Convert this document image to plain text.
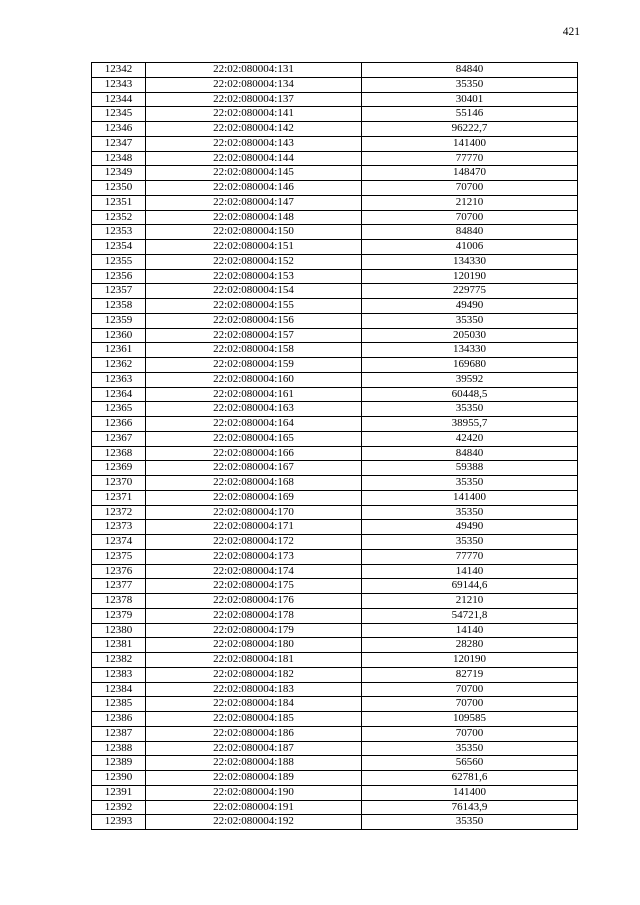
421
12342	22:02:080004:131	84840
12343	22:02:080004:134	35350
12344	22:02:080004:137	30401
12345	22:02:080004:141	55146
12346	22:02:080004:142	96222,7
12347	22:02:080004:143	141400
12348	22:02:080004:144	77770
12349	22:02:080004:145	148470
12350	22:02:080004:146	70700
12351	22:02:080004:147	21210
12352	22:02:080004:148	70700
12353	22:02:080004:150	84840
12354	22:02:080004:151	41006
12355	22:02:080004:152	134330
12356	22:02:080004:153	120190
12357	22:02:080004:154	229775
12358	22:02:080004:155	49490
12359	22:02:080004:156	35350
12360	22:02:080004:157	205030
12361	22:02:080004:158	134330
12362	22:02:080004:159	169680
12363	22:02:080004:160	39592
12364	22:02:080004:161	60448,5
12365	22:02:080004:163	35350
12366	22:02:080004:164	38955,7
12367	22:02:080004:165	42420
12368	22:02:080004:166	84840
12369	22:02:080004:167	59388
12370	22:02:080004:168	35350
12371	22:02:080004:169	141400
12372	22:02:080004:170	35350
12373	22:02:080004:171	49490
12374	22:02:080004:172	35350
12375	22:02:080004:173	77770
12376	22:02:080004:174	14140
12377	22:02:080004:175	69144,6
12378	22:02:080004:176	21210
12379	22:02:080004:178	54721,8
12380	22:02:080004:179	14140
12381	22:02:080004:180	28280
12382	22:02:080004:181	120190
12383	22:02:080004:182	82719
12384	22:02:080004:183	70700
12385	22:02:080004:184	70700
12386	22:02:080004:185	109585
12387	22:02:080004:186	70700
12388	22:02:080004:187	35350
12389	22:02:080004:188	56560
12390	22:02:080004:189	62781,6
12391	22:02:080004:190	141400
12392	22:02:080004:191	76143,9
12393	22:02:080004:192	35350
